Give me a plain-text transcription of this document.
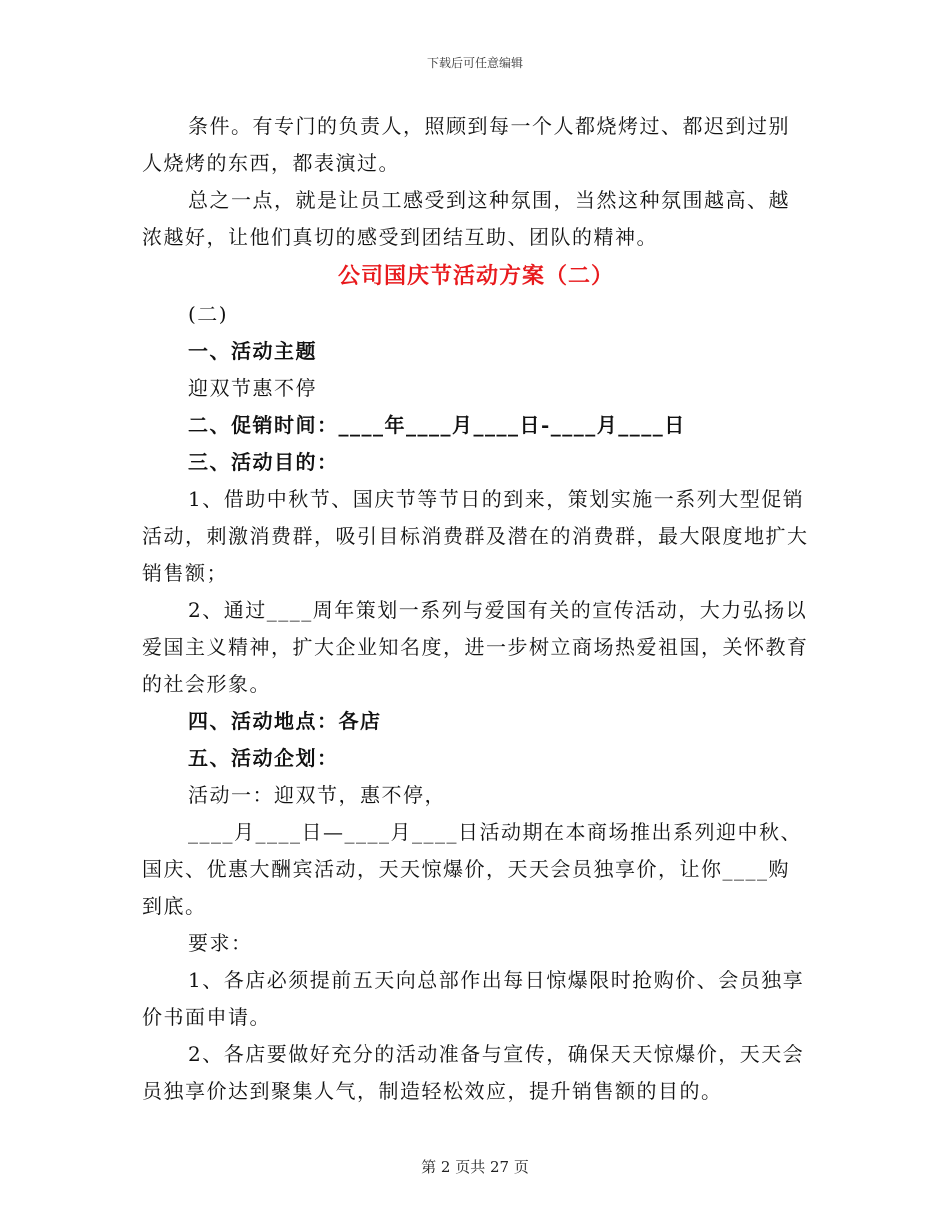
下载后可任意编辑

条件。有专门的负责人，照顾到每一个人都烧烤过、都迟到过别人烧烤的东西，都表演过。

总之一点，就是让员工感受到这种氛围，当然这种氛围越高、越浓越好，让他们真切的感受到团结互助、团队的精神。

公司国庆节活动方案（二）

(二)

一、活动主题

迎双节惠不停

二、促销时间：____年____月____日-____月____日

三、活动目的：

1、借助中秋节、国庆节等节日的到来，策划实施一系列大型促销活动，刺激消费群，吸引目标消费群及潜在的消费群，最大限度地扩大销售额；

2、通过____周年策划一系列与爱国有关的宣传活动，大力弘扬以爱国主义精神，扩大企业知名度，进一步树立商场热爱祖国，关怀教育的社会形象。

四、活动地点：各店

五、活动企划：

活动一：迎双节，惠不停，

____月____日—____月____日活动期在本商场推出系列迎中秋、国庆、优惠大酬宾活动，天天惊爆价，天天会员独享价，让你____购到底。

要求：

1、各店必须提前五天向总部作出每日惊爆限时抢购价、会员独享价书面申请。

2、各店要做好充分的活动准备与宣传，确保天天惊爆价，天天会员独享价达到聚集人气，制造轻松效应，提升销售额的目的。

第 2 页共 27 页
